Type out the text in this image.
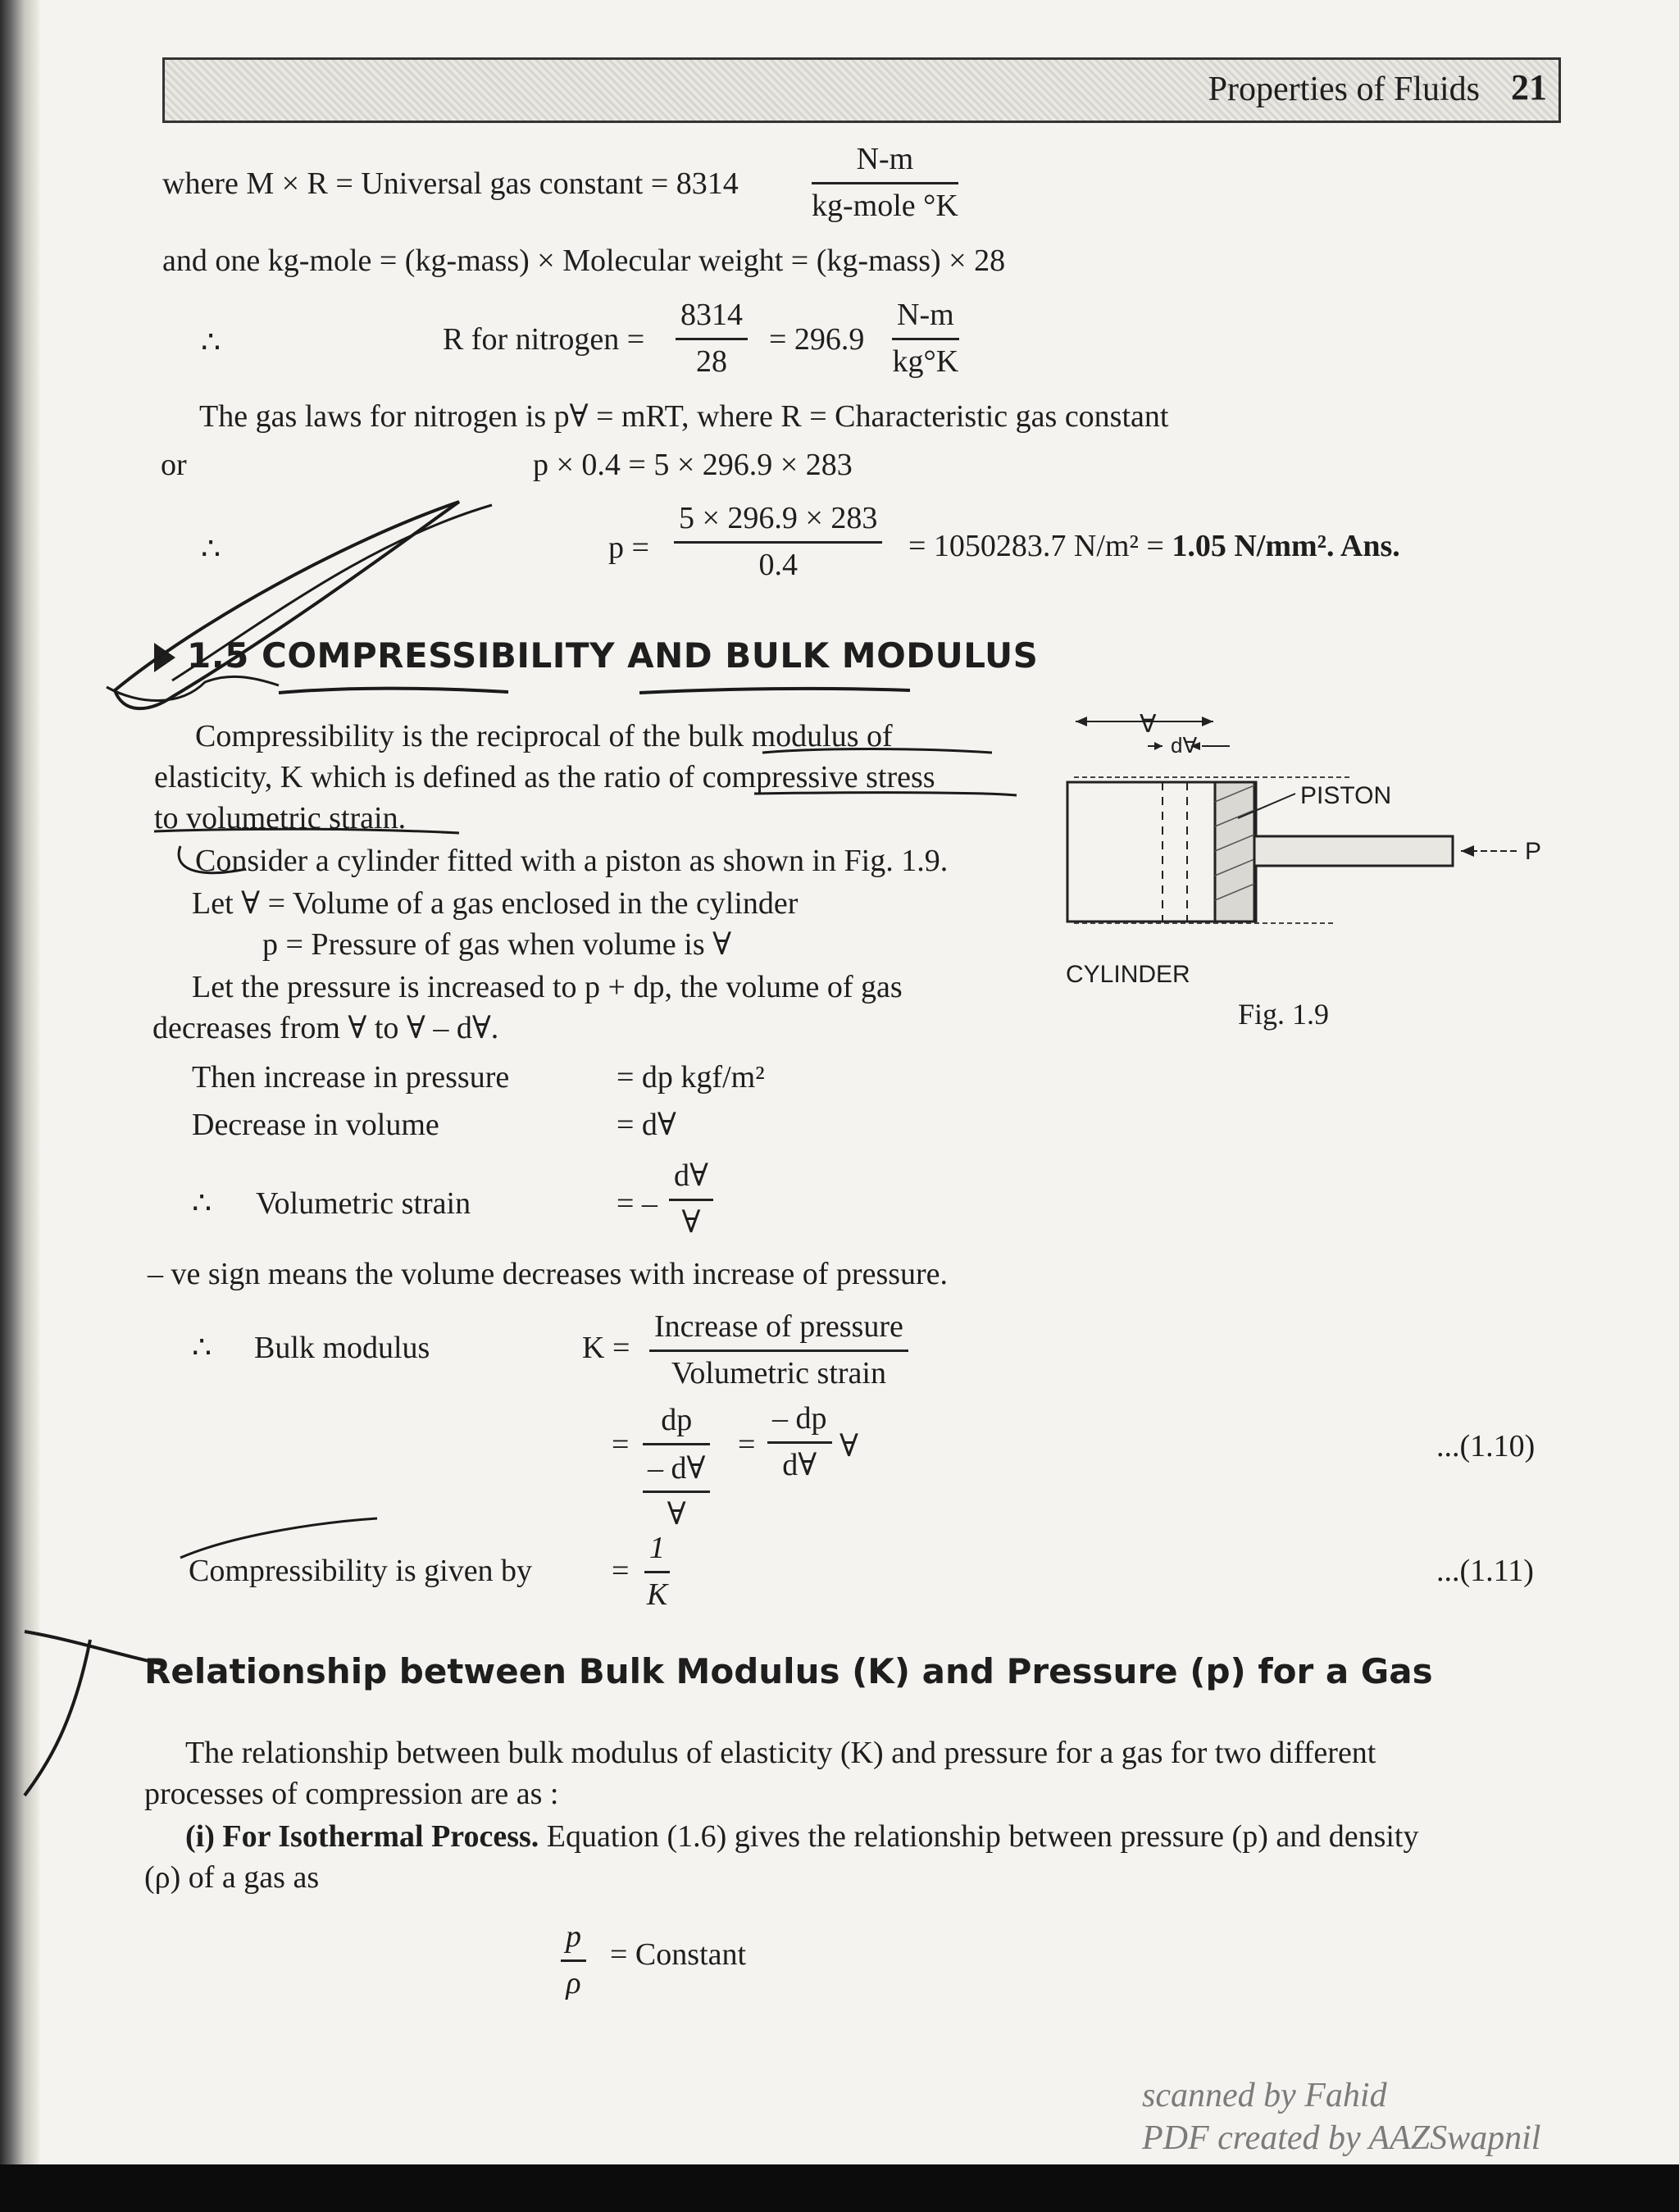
Properties of Fluids 21
where M × R = Universal gas constant = 8314
N-m
kg-mole °K
and one kg-mole = (kg-mass) × Molecular weight = (kg-mass) × 28
∴	R for nitrogen = $\frac{8314}{28} = 296.9 \frac{N-m}{kg^\circ K}$
The gas laws for nitrogen is p∀ = mRT, where R = Characteristic gas constant
or	p × 0.4 = 5 × 296.9 × 283
∴	$p = \frac{5 \times 296.9 \times 283}{0.4} = 1050283.7$ N/m² = 1.05 N/mm². Ans.
1.5 COMPRESSIBILITY AND BULK MODULUS
Compressibility is the reciprocal of the bulk modulus of
elasticity, K which is defined as the ratio of compressive stress
to volumetric strain.
Consider a cylinder fitted with a piston as shown in Fig. 1.9.
Let ∀ = Volume of a gas enclosed in the cylinder
p = Pressure of gas when volume is ∀
Let the pressure is increased to p + dp, the volume of gas
decreases from ∀ to ∀ – d∀.
Then increase in pressure	= dp kgf/m²
Decrease in volume	= d∀
∴ Volumetric strain	= –
d∀
∀
– ve sign means the volume decreases with increase of pressure.
∴ Bulk modulus	K =
Increase of pressure
Volumetric strain
= dp
– d∀
∀ = $\frac{- dp}{d\forall}$ ∀	...(1.10)
Compressibility is given by	= $\frac{1}{K}$	...(1.11)
∀
d∀
PISTON
P
CYLINDER
Fig. 1.9
Relationship between Bulk Modulus (K) and Pressure (p) for a Gas
The relationship between bulk modulus of elasticity (K) and pressure for a gas for two different
processes of compression are as :
(i) For Isothermal Process. Equation (1.6) gives the relationship between pressure (p) and density
(ρ) of a gas as
$\frac{p}{\rho}$ = Constant
scanned by Fahid
PDF created by AAZSwapnil
